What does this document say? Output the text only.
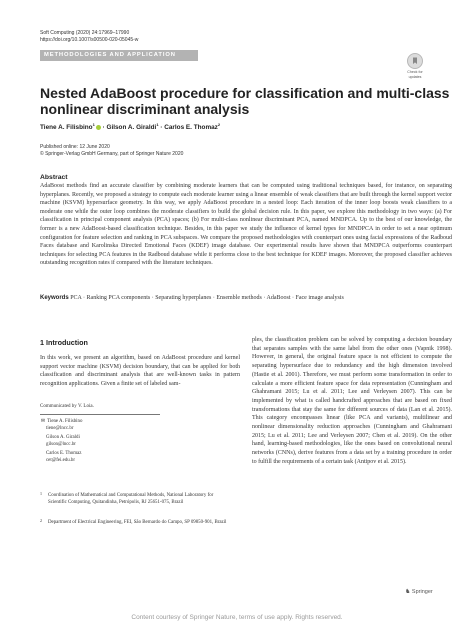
Soft Computing (2020) 24:17969–17990
https://doi.org/10.1007/s00500-020-05045-w
METHODOLOGIES AND APPLICATION
Check for
updates
Nested AdaBoost procedure for classification and multi-class nonlinear discriminant analysis
Tiene A. Filisbino$^1$ · Gilson A. Giraldi$^1$ · Carlos E. Thomaz$^2$
Published online: 12 June 2020
© Springer-Verlag GmbH Germany, part of Springer Nature 2020
Abstract
AdaBoost methods find an accurate classifier by combining moderate learners that can be computed using traditional techniques based, for instance, on separating hyperplanes. Recently, we proposed a strategy to compute each moderate learner using a linear ensemble of weak classifiers that are built through the kernel support vector machine (KSVM) hypersurface geometry. In this way, we apply AdaBoost procedure in a nested loop: Each iteration of the inner loop boosts weak classifiers to a moderate one while the outer loop combines the moderate classifiers to build the global decision rule. In this paper, we explore this methodology in two ways: (a) For classification in principal component analysis (PCA) spaces; (b) For multi-class nonlinear discriminant PCA, named MNDPCA. Up to the best of our knowledge, the former is a new AdaBoost-based classification technique. Besides, in this paper we study the influence of kernel types for MNDPCA in order to set a near optimum configuration for feature selection and ranking in PCA subspaces. We compare the proposed methodologies with counterpart ones using facial expressions of the Radboud Faces database and Karolinska Directed Emotional Faces (KDEF) image database. Our experimental results have shown that MNDPCA outperforms counterpart techniques for selecting PCA features in the Radboud database while it performs close to the best technique for KDEF images. Moreover, the proposed classifier achieves outstanding recognition rates if compared with the literature techniques.
Keywords PCA · Ranking PCA components · Separating hyperplanes · Ensemble methods · AdaBoost · Face image analysis
1 Introduction
In this work, we present an algorithm, based on AdaBoost procedure and kernel support vector machine (KSVM) decision boundary, that can be applied for both classification and discriminant analysis that are well-known tasks in pattern recognition applications. Given a finite set of labeled sam-
Communicated by V. Loia.
✉ Tiene A. Filisbino
tiene@lncc.br
Gilson A. Giraldi
gilson@lncc.br
Carlos E. Thomaz
cet@fei.edu.br
1	Coordination of Mathematical and Computational Methods, National Laboratory for Scientific Computing, Quitandinha, Petrópolis, RJ 25651-075, Brazil
2	Department of Electrical Engineering, FEI, São Bernardo do Campo, SP 09850-901, Brazil
ples, the classification problem can be solved by computing a decision boundary that separates samples with the same label from the other ones (Vapnik 1998). However, in general, the original feature space is not efficient to compute the separating hypersurface due to redundancy and the high dimension involved (Hastie et al. 2001). Therefore, we must perform some transformation in order to calculate a more efficient feature space for data representation (Cunningham and Ghahramani 2015; Lu et al. 2011; Lee and Verleysen 2007). This can be implemented by what is called handcrafted approaches that are based on fixed transformations that stay the same for different sources of data (Lan et al. 2015). This category encompasses linear (like PCA and variants), multilinear and nonlinear dimensionality reduction approaches (Cunningham and Ghahramani 2015; Lu et al. 2011; Lee and Verleysen 2007; Chen et al. 2019). On the other hand, learning-based methodologies, like the ones based on convolutional neural networks (CNNs), derive features from a data set by a training procedure in order to fulfill the requirements of a certain task (Antipov et al. 2015).
♞ Springer
Content courtesy of Springer Nature, terms of use apply. Rights reserved.
